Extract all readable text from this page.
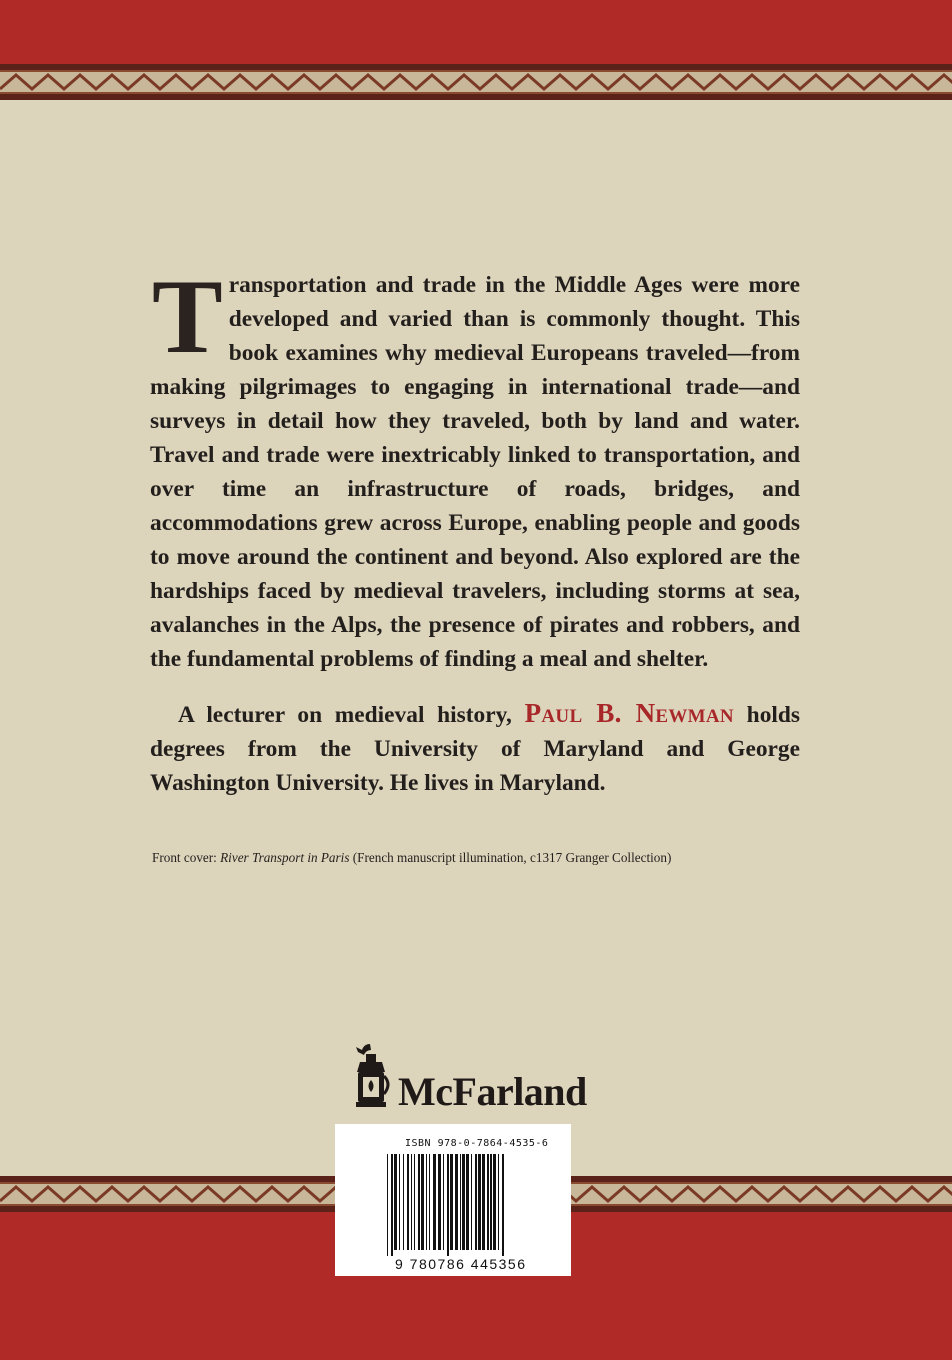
Transportation and trade in the Middle Ages were more developed and varied than is commonly thought. This book examines why medieval Europeans traveled—from making pilgrimages to engaging in international trade—and surveys in detail how they traveled, both by land and water. Travel and trade were inextricably linked to transportation, and over time an infrastructure of roads, bridges, and accommodations grew across Europe, enabling people and goods to move around the continent and beyond. Also explored are the hardships faced by medieval travelers, including storms at sea, avalanches in the Alps, the presence of pirates and robbers, and the fundamental problems of finding a meal and shelter.

A lecturer on medieval history, Paul B. Newman holds degrees from the University of Maryland and George Washington University. He lives in Maryland.

Front cover: River Transport in Paris (French manuscript illumination, c1317 Granger Collection)
McFarland
ISBN 978-0-7864-4535-6
9 780786 445356
